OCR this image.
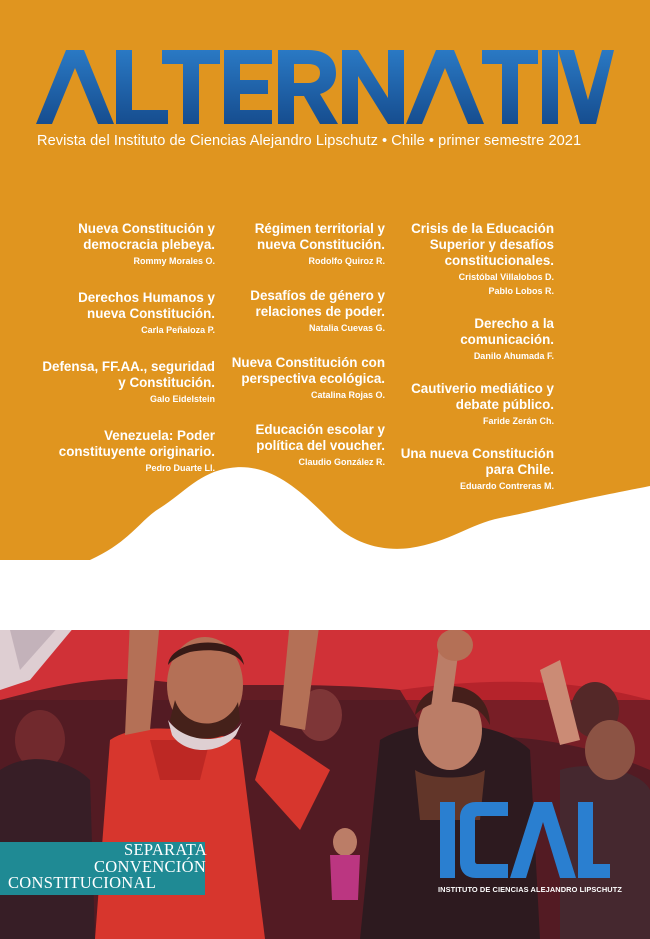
Revista del Instituto de Ciencias Alejandro Lipschutz • Chile • primer semestre 2021
Nueva Constitución y democracia plebeya.
Rommy Morales O.
Derechos Humanos y nueva Constitución.
Carla Peñaloza P.
Defensa, FF.AA., seguridad y Constitución.
Galo Eidelstein
Venezuela: Poder constituyente originario.
Pedro Duarte Ll.
Régimen territorial y nueva Constitución.
Rodolfo Quiroz R.
Desafíos de género y relaciones de poder.
Natalia Cuevas G.
Nueva Constitución con perspectiva ecológica.
Catalina Rojas O.
Educación escolar y política del voucher.
Claudio González R.
Crisis de la Educación Superior y desafíos constitucionales.
Cristóbal Villalobos D.
Pablo Lobos R.
Derecho a la comunicación.
Danilo Ahumada F.
Cautiverio mediático y debate público.
Faride Zerán Ch.
Una nueva Constitución para Chile.
Eduardo Contreras M.
SEPARATA
CONVENCIÓN
CONSTITUCIONAL	INSTITUTO DE CIENCIAS ALEJANDRO LIPSCHUTZ
